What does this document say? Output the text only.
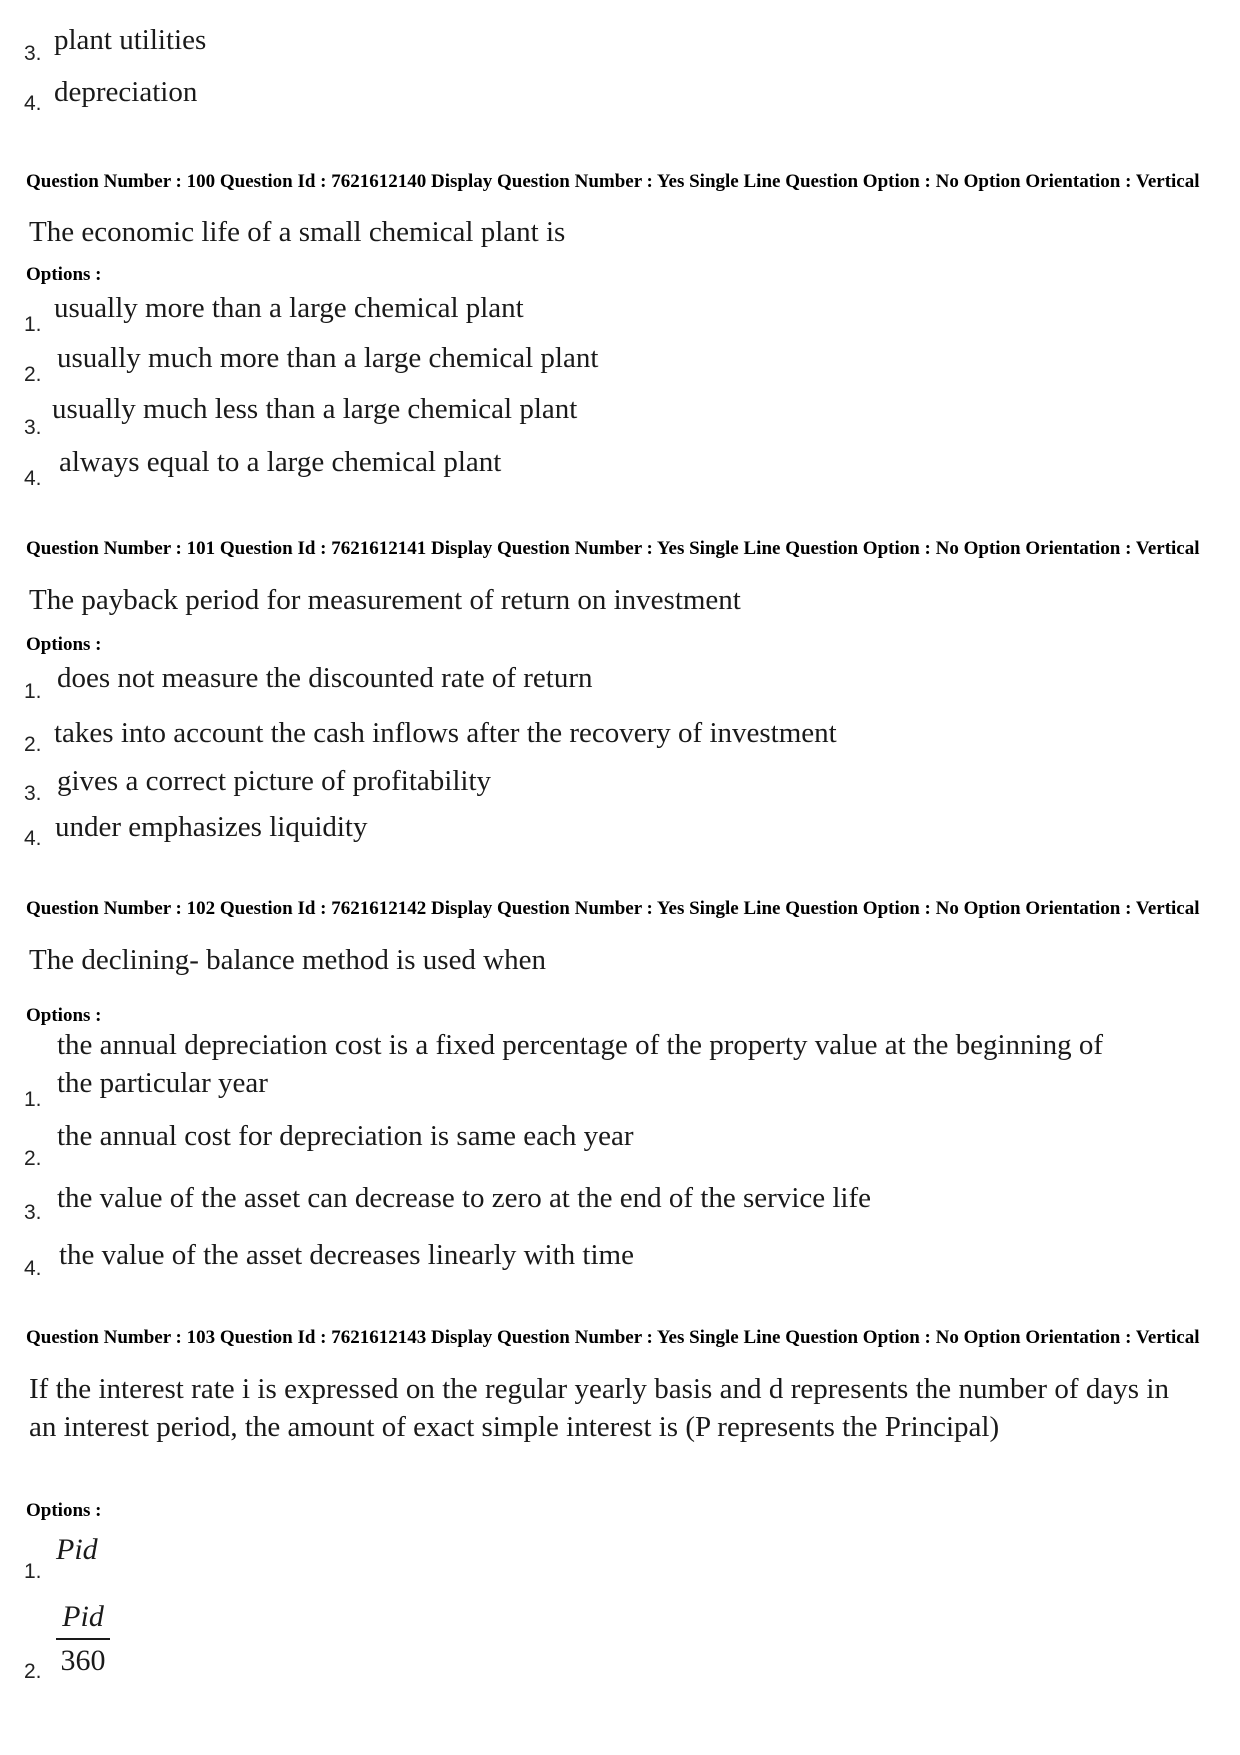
3. plant utilities
4. depreciation
Question Number : 100 Question Id : 7621612140 Display Question Number : Yes Single Line Question Option : No Option Orientation : Vertical
The economic life of a small chemical plant is
Options :
1.
usually more than a large chemical plant
2.
usually much more than a large chemical plant
3.
usually much less than a large chemical plant
4.
always equal to a large chemical plant
Question Number : 101 Question Id : 7621612141 Display Question Number : Yes Single Line Question Option : No Option Orientation : Vertical
The payback period for measurement of return on investment
Options :
1. does not measure the discounted rate of return
2. takes into account the cash inflows after the recovery of investment
3. gives a correct picture of profitability
4. under emphasizes liquidity
Question Number : 102 Question Id : 7621612142 Display Question Number : Yes Single Line Question Option : No Option Orientation : Vertical
The declining- balance method is used when
Options :
the annual depreciation cost is a fixed percentage of the property value at the beginning of the particular year
1.
2.
the annual cost for depreciation is same each year
3. the value of the asset can decrease to zero at the end of the service life
4. the value of the asset decreases linearly with time
Question Number : 103 Question Id : 7621612143 Display Question Number : Yes Single Line Question Option : No Option Orientation : Vertical
If the interest rate i is expressed on the regular yearly basis and d represents the number of days in an interest period, the amount of exact simple interest is (P represents the Principal)
Options :
1.
Pid
2.
Pid
360
